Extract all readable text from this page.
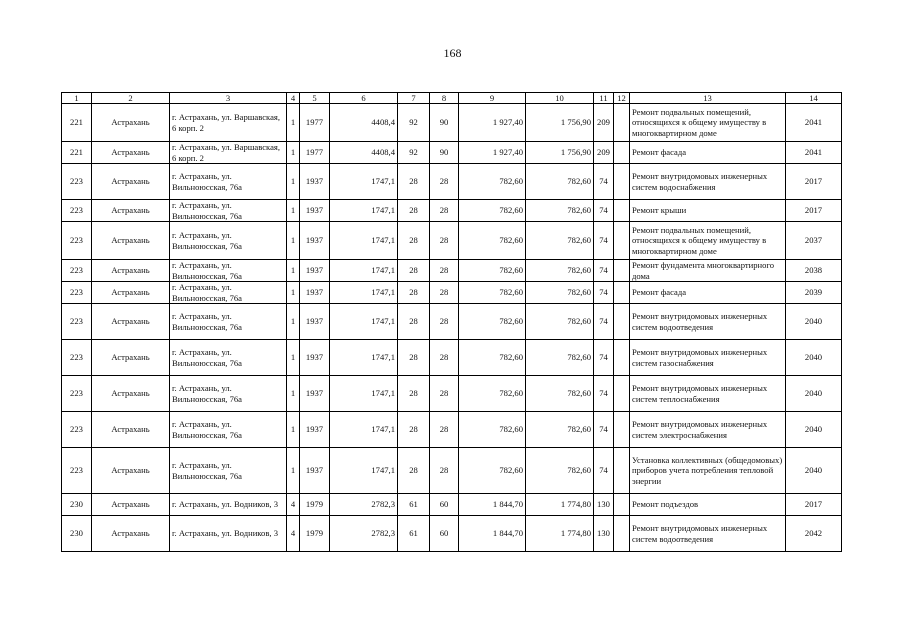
168
1	2	3	4	5	6	7	8	9	10	11	12	13	14
221	Астрахань	г. Астрахань, ул. Варшавская, 6 корп. 2	1	1977	4408,4	92	90	1 927,40	1 756,90	209		Ремонт подвальных помещений, относящихся к общему имуществу в многоквартирном доме	2041
221	Астрахань	г. Астрахань, ул. Варшавская, 6 корп. 2	1	1977	4408,4	92	90	1 927,40	1 756,90	209		Ремонт фасада	2041
223	Астрахань	г. Астрахань, ул. Вильноюсская, 76а	1	1937	1747,1	28	28	782,60	782,60	74		Ремонт внутридомовых инженерных систем водоснабжения	2017
223	Астрахань	г. Астрахань, ул. Вильноюсская, 76а	1	1937	1747,1	28	28	782,60	782,60	74		Ремонт крыши	2017
223	Астрахань	г. Астрахань, ул. Вильноюсская, 76а	1	1937	1747,1	28	28	782,60	782,60	74		Ремонт подвальных помещений, относящихся к общему имуществу в многоквартирном доме	2037
223	Астрахань	г. Астрахань, ул. Вильноюсская, 76а	1	1937	1747,1	28	28	782,60	782,60	74		Ремонт фундамента многоквартирного дома	2038
223	Астрахань	г. Астрахань, ул. Вильноюсская, 76а	1	1937	1747,1	28	28	782,60	782,60	74		Ремонт фасада	2039
223	Астрахань	г. Астрахань, ул. Вильноюсская, 76а	1	1937	1747,1	28	28	782,60	782,60	74		Ремонт внутридомовых инженерных систем водоотведения	2040
223	Астрахань	г. Астрахань, ул. Вильноюсская, 76а	1	1937	1747,1	28	28	782,60	782,60	74		Ремонт внутридомовых инженерных систем газоснабжения	2040
223	Астрахань	г. Астрахань, ул. Вильноюсская, 76а	1	1937	1747,1	28	28	782,60	782,60	74		Ремонт внутридомовых инженерных систем теплоснабжения	2040
223	Астрахань	г. Астрахань, ул. Вильноюсская, 76а	1	1937	1747,1	28	28	782,60	782,60	74		Ремонт внутридомовых инженерных систем электроснабжения	2040
223	Астрахань	г. Астрахань, ул. Вильноюсская, 76а	1	1937	1747,1	28	28	782,60	782,60	74		Установка коллективных (общедомовых) приборов учета потребления тепловой энергии	2040
230	Астрахань	г. Астрахань, ул. Водников, 3	4	1979	2782,3	61	60	1 844,70	1 774,80	130		Ремонт подъездов	2017
230	Астрахань	г. Астрахань, ул. Водников, 3	4	1979	2782,3	61	60	1 844,70	1 774,80	130		Ремонт внутридомовых инженерных систем водоотведения	2042
